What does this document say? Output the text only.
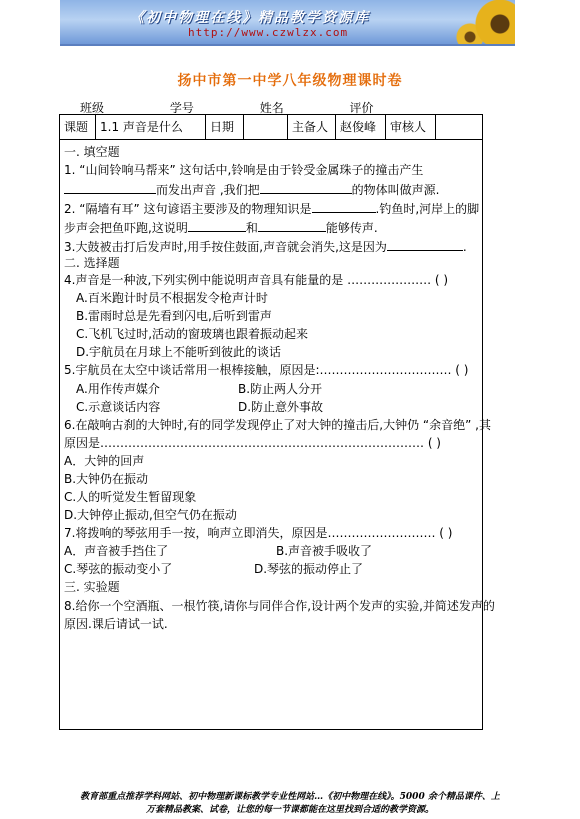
《初中物理在线》精品教学资源库
http://www.czwlzx.com
扬中市第一中学八年级物理课时卷
班级________ 学号________ 姓名________ 评价________
课题 1.1 声音是什么	日期	主备人 赵俊峰	审核人
一. 填空题
1. “山间铃响马帮来” 这句话中,铃响是由于铃受金属珠子的撞击产生
而发出声音 ,我们把	的物体叫做声源.
2. “隔墙有耳” 这句谚语主要涉及的物理知识是	.钓鱼时,河岸上的脚
步声会把鱼吓跑,这说明	和	能够传声.
3.大鼓被击打后发声时,用手按住鼓面,声音就会消失,这是因为	.
二. 选择题
4.声音是一种波,下列实例中能说明声音具有能量的是 ………………… ( )
A.百米跑计时员不根据发令枪声计时
B.雷雨时总是先看到闪电,后听到雷声
C.飞机飞过时,活动的窗玻璃也跟着振动起来
D.宇航员在月球上不能听到彼此的谈话
5.宇航员在太空中谈话常用一根棒接触，原因是:…………………………… ( )
A.用作传声媒介	B.防止两人分开
C.示意谈话内容	D.防止意外事故
6.在敲响古刹的大钟时,有的同学发现停止了对大钟的撞击后,大钟仍 “余音绝” ,其
原因是……………………………………………………………………… ( )
A．大钟的回声
B.大钟仍在振动
C.人的听觉发生暂留现象
D.大钟停止振动,但空气仍在振动
7.将拨响的琴弦用手一按，响声立即消失，原因是……………………… ( )
A．声音被手挡住了	B.声音被手吸收了
C.琴弦的振动变小了	D.琴弦的振动停止了
三. 实验题
8.给你一个空酒瓶、一根竹筷,请你与同伴合作,设计两个发声的实验,并简述发声的
原因.课后请试一试.
教育部重点推荐学科网站、初中物理新课标教学专业性网站…《初中物理在线》。5000 余个精品课件、上
万套精品教案、试卷，让您的每一节课都能在这里找到合适的教学资源。
